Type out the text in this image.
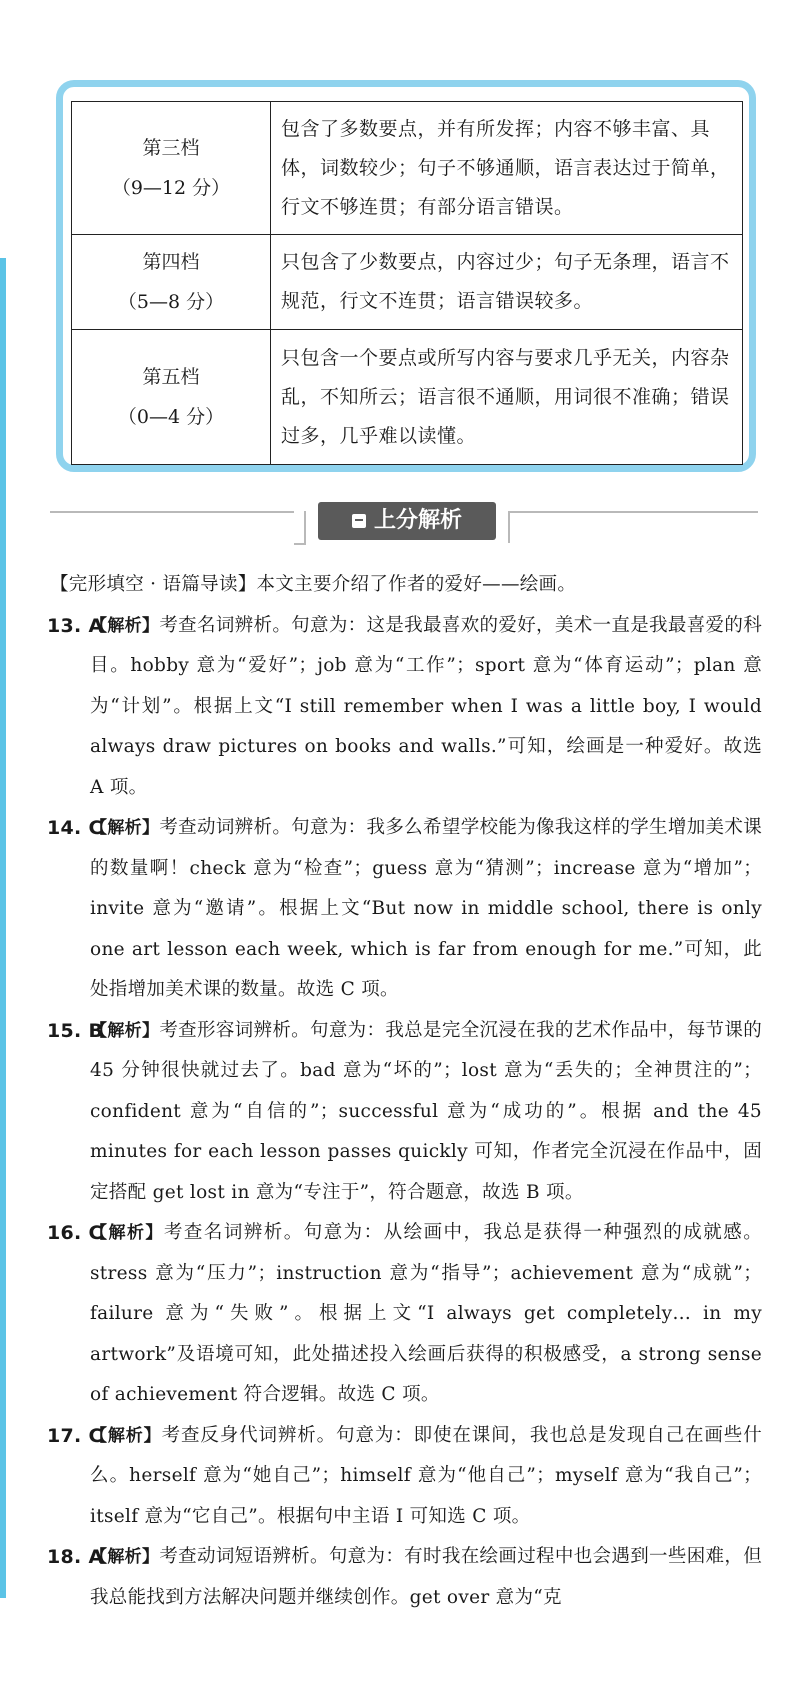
第三档
（9—12 分）	包含了多数要点，并有所发挥；内容不够丰富、具体，词数较少；句子不够通顺，语言表达过于简单，行文不够连贯；有部分语言错误。

第四档
（5—8 分）	只包含了少数要点，内容过少；句子无条理，语言不规范，行文不连贯；语言错误较多。

第五档
（0—4 分）	只包含一个要点或所写内容与要求几乎无关，内容杂乱，不知所云；语言很不通顺，用词很不准确；错误过多，几乎难以读懂。
上分解析

【完形填空 · 语篇导读】本文主要介绍了作者的爱好——绘画。

13. A
【解析】考查名词辨析。句意为：这是我最喜欢的爱好，美术一直是我最喜爱的科目。hobby 意为“爱好”；job 意为“工作”；sport 意为“体育运动”；plan 意为“计划”。根据上文“I still remember when I was a little boy, I would always draw pictures on books and walls.”可知，绘画是一种爱好。故选 A 项。

14. C
【解析】考查动词辨析。句意为：我多么希望学校能为像我这样的学生增加美术课的数量啊！check 意为“检查”；guess 意为“猜测”；increase 意为“增加”；invite 意为“邀请”。根据上文“But now in middle school, there is only one art lesson each week, which is far from enough for me.”可知，此处指增加美术课的数量。故选 C 项。

15. B
【解析】考查形容词辨析。句意为：我总是完全沉浸在我的艺术作品中，每节课的 45 分钟很快就过去了。bad 意为“坏的”；lost 意为“丢失的；全神贯注的”；confident 意为“自信的”；successful 意为“成功的”。根据 and the 45 minutes for each lesson passes quickly 可知，作者完全沉浸在作品中，固定搭配 get lost in 意为“专注于”，符合题意，故选 B 项。

16. C
【解析】考查名词辨析。句意为：从绘画中，我总是获得一种强烈的成就感。stress 意为“压力”；instruction 意为“指导”；achievement 意为“成就”；failure 意为“失败”。根据上文“I always get completely… in my artwork”及语境可知，此处描述投入绘画后获得的积极感受，a strong sense of achievement 符合逻辑。故选 C 项。

17. C
【解析】考查反身代词辨析。句意为：即使在课间，我也总是发现自己在画些什么。herself 意为“她自己”；himself 意为“他自己”；myself 意为“我自己”；itself 意为“它自己”。根据句中主语 I 可知选 C 项。

18. A
【解析】考查动词短语辨析。句意为：有时我在绘画过程中也会遇到一些困难，但我总能找到方法解决问题并继续创作。get over 意为“克
